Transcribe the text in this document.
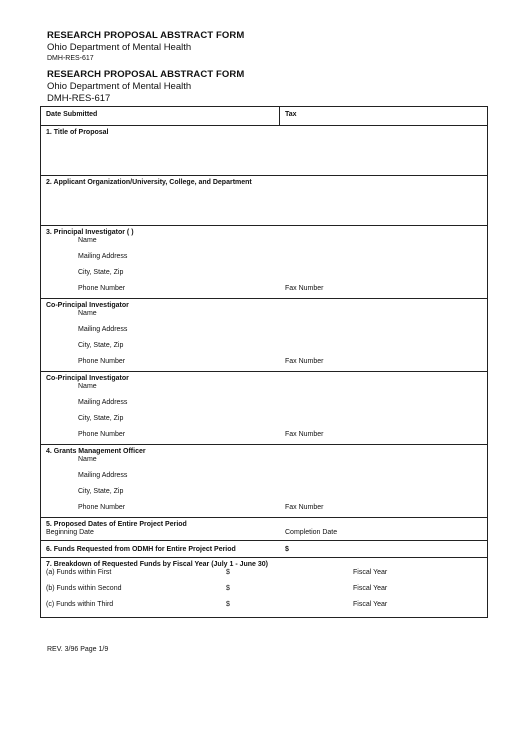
RESEARCH PROPOSAL ABSTRACT FORM
Ohio Department of Mental Health
DMH-RES-617
RESEARCH PROPOSAL ABSTRACT FORM
Ohio Department of Mental Health
DMH-RES-617
Date Submitted	Tax
1. Title of Proposal
2. Applicant Organization/University, College, and Department
3. Principal Investigator ( )
Name
Mailing Address
City, State, Zip
Phone Number	Fax Number
Co-Principal Investigator
Name
Mailing Address
City, State, Zip
Phone Number	Fax Number
Co-Principal Investigator
Name
Mailing Address
City, State, Zip
Phone Number	Fax Number
4. Grants Management Officer
Name
Mailing Address
City, State, Zip
Phone Number	Fax Number
5. Proposed Dates of Entire Project Period
Beginning Date	Completion Date
6. Funds Requested from ODMH for Entire Project Period	$
7. Breakdown of Requested Funds by Fiscal Year (July 1 - June 30)
(a) Funds within First	$	Fiscal Year
(b) Funds within Second	$	Fiscal Year
(c) Funds within Third	$	Fiscal Year
REV. 3/96 Page 1/9
